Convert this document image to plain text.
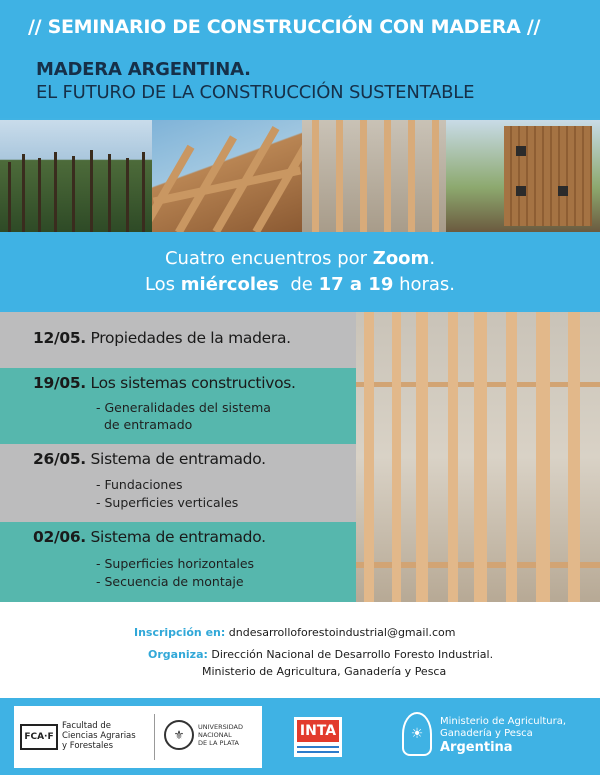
// SEMINARIO DE CONSTRUCCIÓN CON MADERA //
MADERA ARGENTINA.
EL FUTURO DE LA CONSTRUCCIÓN SUSTENTABLE
Cuatro encuentros por Zoom.
Los miércoles  de 17 a 19 horas.
12/05. Propiedades de la madera.
19/05. Los sistemas constructivos.
- Generalidades del sistema
de entramado
26/05. Sistema de entramado.
- Fundaciones
- Superficies verticales
02/06. Sistema de entramado.
- Superficies horizontales
- Secuencia de montaje
Inscripción en: dndesarrolloforestoindustrial@gmail.com
Organiza: Dirección Nacional de Desarrollo Foresto Industrial.
Ministerio de Agricultura, Ganadería y Pesca
FCA·F
Facultad de
Ciencias Agrarias
y Forestales
⚜
UNIVERSIDAD
NACIONAL
DE LA PLATA
INTA	☀
Ministerio de Agricultura,
Ganadería y Pesca
Argentina
